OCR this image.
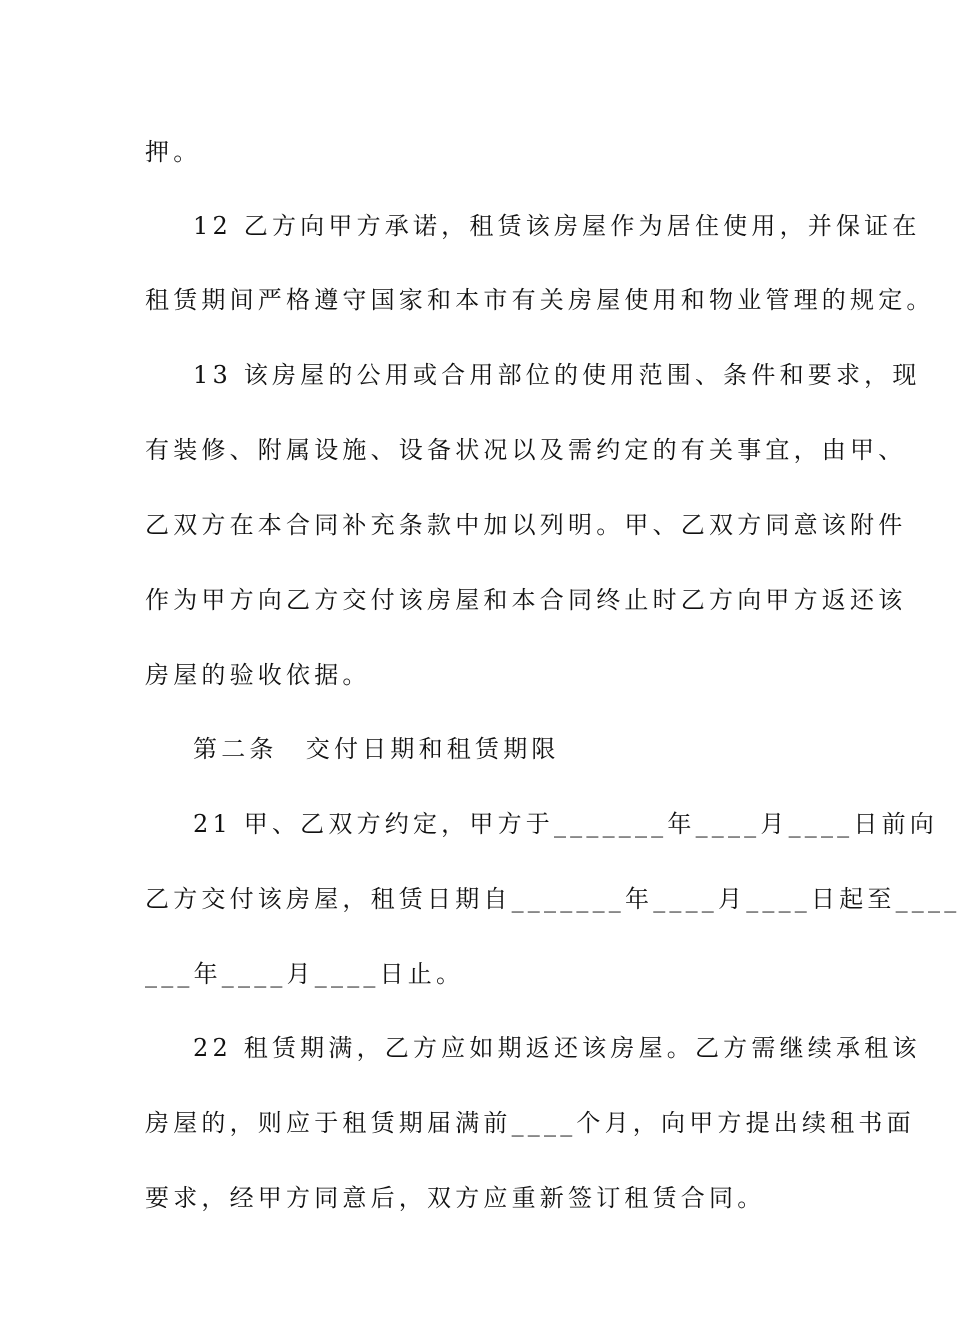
押。
12 乙方向甲方承诺，租赁该房屋作为居住使用，并保证在
租赁期间严格遵守国家和本市有关房屋使用和物业管理的规定。
13 该房屋的公用或合用部位的使用范围、条件和要求，现
有装修、附属设施、设备状况以及需约定的有关事宜，由甲、
乙双方在本合同补充条款中加以列明。甲、乙双方同意该附件
作为甲方向乙方交付该房屋和本合同终止时乙方向甲方返还该
房屋的验收依据。
第二条　交付日期和租赁期限
21 甲、乙双方约定，甲方于_______年____月____日前向
乙方交付该房屋，租赁日期自_______年____月____日起至____
___年____月____日止。
22 租赁期满，乙方应如期返还该房屋。乙方需继续承租该
房屋的，则应于租赁期届满前____个月，向甲方提出续租书面
要求，经甲方同意后，双方应重新签订租赁合同。
